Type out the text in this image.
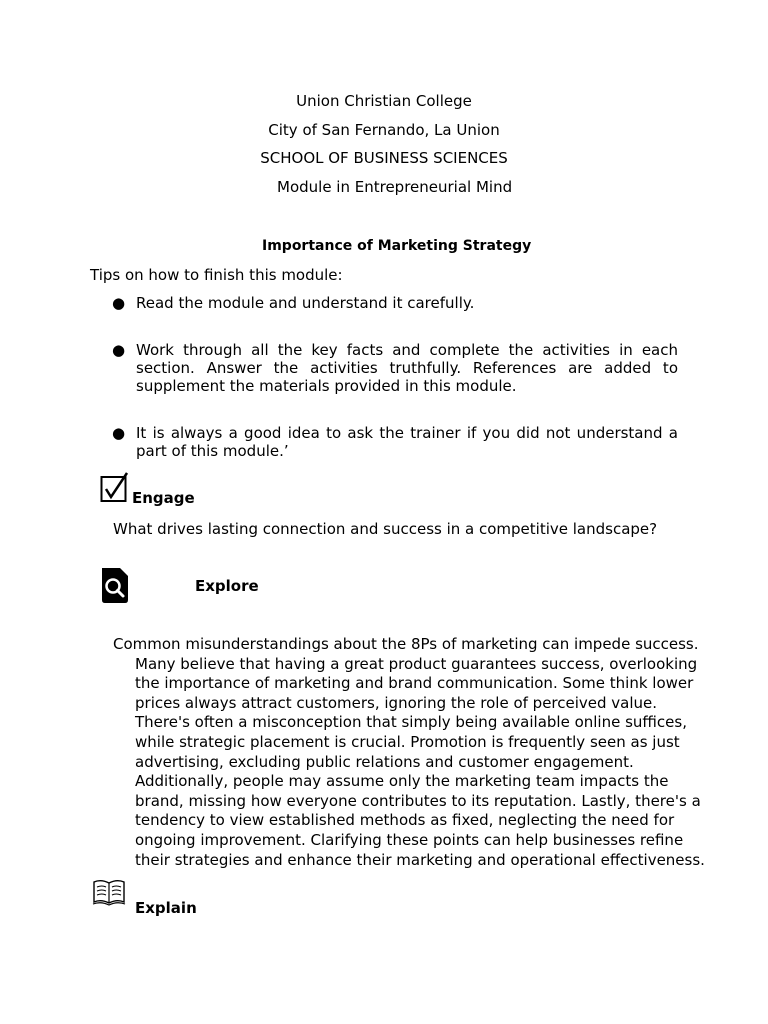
Union Christian College
City of San Fernando, La Union
SCHOOL OF BUSINESS SCIENCES
Module in Entrepreneurial Mind
Importance of Marketing Strategy
Tips on how to finish this module:
● Read the module and understand it carefully.
● Work through all the key facts and complete the activities in each section. Answer the activities truthfully. References are added to supplement the materials provided in this module.
● It is always a good idea to ask the trainer if you did not understand a part of this module.’
Engage
What drives lasting connection and success in a competitive landscape?
Explore
Common misunderstandings about the 8Ps of marketing can impede success. Many believe that having a great product guarantees success, overlooking the importance of marketing and brand communication. Some think lower prices always attract customers, ignoring the role of perceived value. There's often a misconception that simply being available online suffices, while strategic placement is crucial. Promotion is frequently seen as just advertising, excluding public relations and customer engagement. Additionally, people may assume only the marketing team impacts the brand, missing how everyone contributes to its reputation. Lastly, there's a tendency to view established methods as fixed, neglecting the need for ongoing improvement. Clarifying these points can help businesses refine their strategies and enhance their marketing and operational effectiveness.
Explain
